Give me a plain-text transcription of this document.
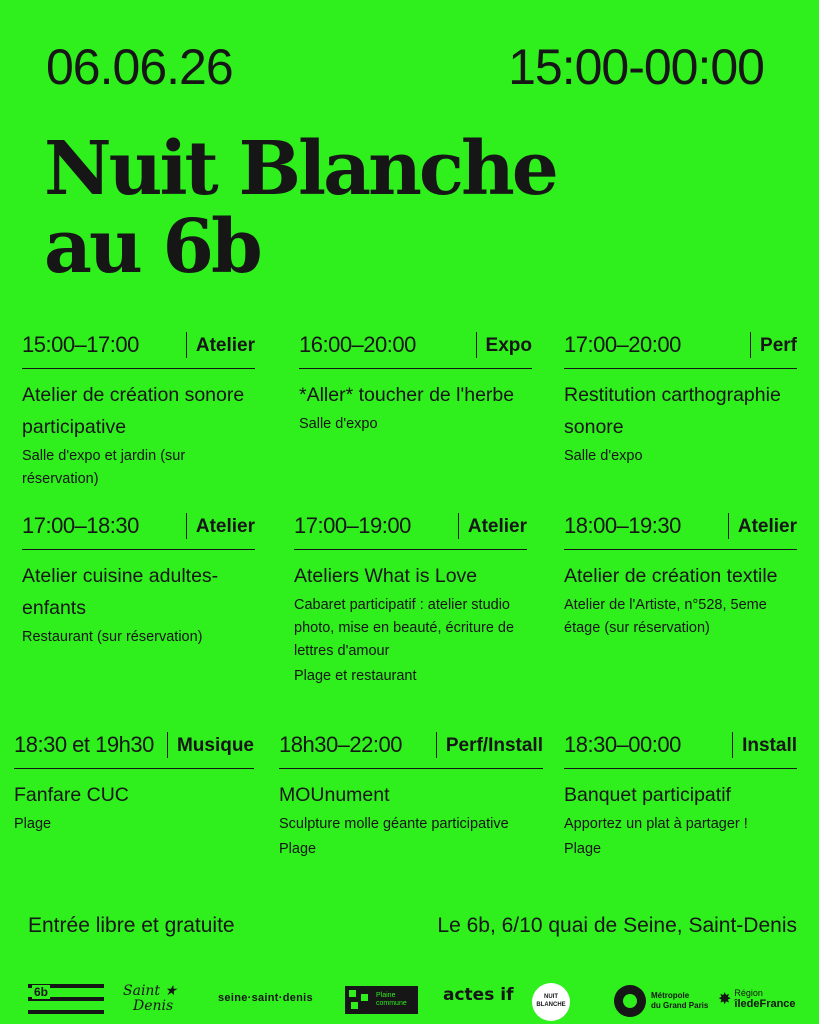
06.06.26	15:00-00:00
Nuit Blanche
au 6b
15:00–17:00	Atelier
Atelier de création sonore participative
Salle d'expo et jardin (sur réservation)
16:00–20:00	Expo
*Aller* toucher de l'herbe
Salle d'expo
17:00–20:00	Perf
Restitution carthographie sonore
Salle d'expo
17:00–18:30	Atelier
Atelier cuisine adultes-enfants
Restaurant (sur réservation)
17:00–19:00	Atelier
Ateliers What is Love
Cabaret participatif : atelier studio photo, mise en beauté, écriture de lettres d'amour
Plage et restaurant
18:00–19:30	Atelier
Atelier de création textile
Atelier de l'Artiste, n°528, 5eme étage (sur réservation)
18:30 et 19h30	Musique
Fanfare CUC
Plage
18h30–22:00	Perf/Install
MOUnument
Sculpture molle géante participative
Plage
18:30–00:00	Install
Banquet participatif
Apportez un plat à partager !
Plage
Entrée libre et gratuite	Le 6b, 6/10 quai de Seine, Saint-Denis
6b	Saint ★
Denis	seine·saint·denis	Plaine commune	actes if	NUIT BLANCHE
Métropole
du Grand Paris ✸ Région
îledeFrance
